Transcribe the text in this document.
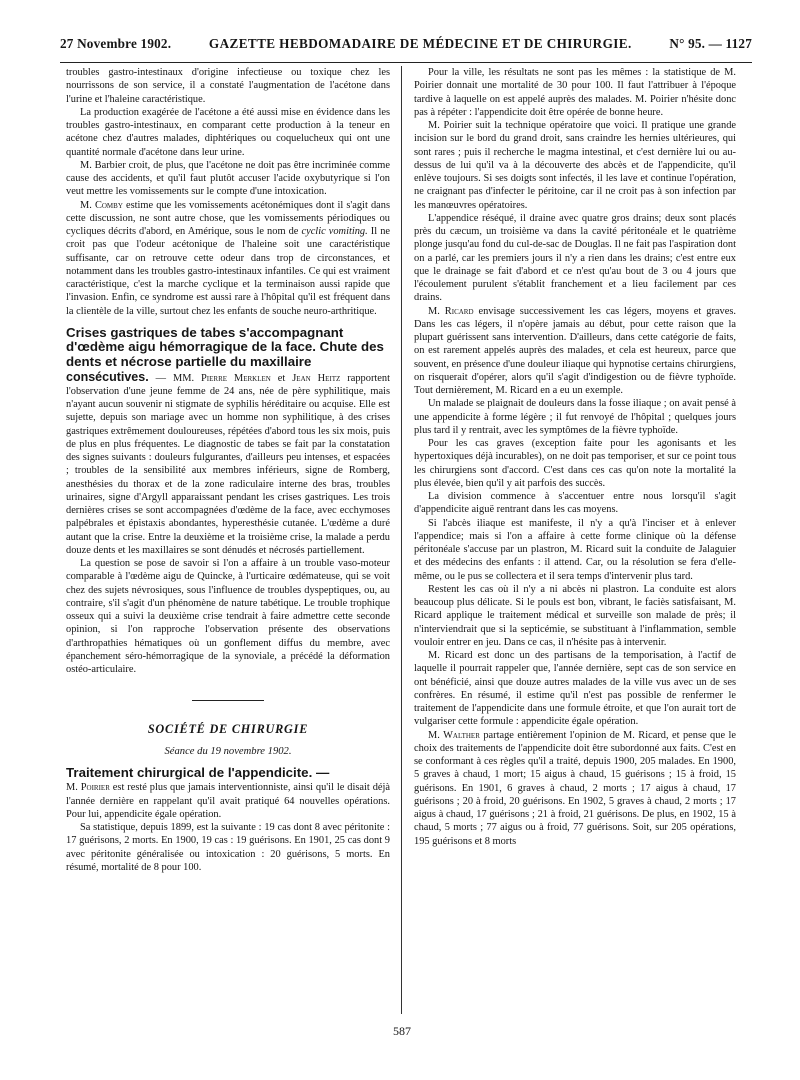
27 Novembre 1902.	GAZETTE HEBDOMADAIRE DE MÉDECINE ET DE CHIRURGIE.	N° 95. — 1127

troubles gastro-intestinaux d'origine infectieuse ou toxique chez les nourrissons de son service, il a constaté l'augmentation de l'acétone dans l'urine et l'haleine caractéristique.

La production exagérée de l'acétone a été aussi mise en évidence dans les troubles gastro-intestinaux, en comparant cette production à la teneur en acétone chez d'autres malades, diphtériques ou coquelucheux qui ont une quantité normale d'acétone dans leur urine.

M. Barbier croit, de plus, que l'acétone ne doit pas être incriminée comme cause des accidents, et qu'il faut plutôt accuser l'acide oxybutyrique si l'on veut mettre les vomissements sur le compte d'une intoxication.

M. Comby estime que les vomissements acétonémiques dont il s'agit dans cette discussion, ne sont autre chose, que les vomissements périodiques ou cycliques décrits d'abord, en Amérique, sous le nom de cyclic vomiting. Il ne croit pas que l'odeur acétonique de l'haleine soit une caractéristique suffisante, car on retrouve cette odeur dans trop de circonstances, et notamment dans les troubles gastro-intestinaux infantiles. Ce qui est vraiment caractéristique, c'est la marche cyclique et la terminaison aussi rapide que l'invasion. Enfin, ce syndrome est aussi rare à l'hôpital qu'il est fréquent dans la clientèle de la ville, surtout chez les enfants de souche neuro-arthritique.

Crises gastriques de tabes s'accompagnant d'œdème aigu hémorragique de la face. Chute des dents et nécrose partielle du maxillaire

consécutives. — MM. Pierre Merklen et Jean Heitz rapportent l'observation d'une jeune femme de 24 ans, née de père syphilitique, mais n'ayant aucun souvenir ni stigmate de syphilis héréditaire ou acquise. Elle est sujette, depuis son mariage avec un homme non syphilitique, à des crises gastriques extrêmement douloureuses, répétées d'abord tous les six mois, puis de plus en plus fréquentes. Le diagnostic de tabes se fait par la constatation des signes suivants : douleurs fulgurantes, d'ailleurs peu intenses, et espacées ; troubles de la sensibilité aux membres inférieurs, signe de Romberg, anesthésies du thorax et de la zone radiculaire interne des bras, troubles urinaires, signe d'Argyll apparaissant pendant les crises gastriques. Les trois dernières crises se sont accompagnées d'œdème de la face, avec ecchymoses palpébrales et épistaxis abondantes, hyperesthésie cutanée. L'œdème a duré autant que la crise. Entre la deuxième et la troisième crise, la malade a perdu douze dents et les maxillaires se sont dénudés et nécrosés partiellement.

La question se pose de savoir si l'on a affaire à un trouble vaso-moteur comparable à l'œdème aigu de Quincke, à l'urticaire œdémateuse, qui se voit chez des sujets névrosiques, sous l'influence de troubles dyspeptiques, ou, au contraire, s'il s'agit d'un phénomène de nature tabétique. Le trouble trophique osseux qui a suivi la deuxième crise tendrait à faire admettre cette seconde opinion, si l'on rapproche l'observation présente des observations d'arthropathies hématiques où un gonflement diffus du membre, avec épanchement séro-hémorragique de la synoviale, a précédé la déformation ostéo-articulaire.

SOCIÉTÉ DE CHIRURGIE
Séance du 19 novembre 1902.
Traitement chirurgical de l'appendicite. —

M. Poirier est resté plus que jamais interventionniste, ainsi qu'il le disait déjà l'année dernière en rappelant qu'il avait pratiqué 64 nouvelles opérations. Pour lui, appendicite égale opération.

Sa statistique, depuis 1899, est la suivante : 19 cas dont 8 avec péritonite : 17 guérisons, 2 morts. En 1900, 19 cas : 19 guérisons. En 1901, 25 cas dont 9 avec péritonite généralisée ou intoxication : 20 guérisons, 5 morts. En résumé, mortalité de 8 pour 100.

Pour la ville, les résultats ne sont pas les mêmes : la statistique de M. Poirier donnait une mortalité de 30 pour 100. Il faut l'attribuer à l'époque tardive à laquelle on est appelé auprès des malades. M. Poirier n'hésite donc pas à répéter : l'appendicite doit être opérée de bonne heure.

M. Poirier suit la technique opératoire que voici. Il pratique une grande incision sur le bord du grand droit, sans craindre les hernies ultérieures, qui sont rares ; puis il recherche le magma intestinal, et c'est dernière lui ou au-dessus de lui qu'il va à la découverte des abcès et de l'appendicite, qu'il enlève toujours. Si ses doigts sont infectés, il les lave et continue l'opération, ne craignant pas d'infecter le péritoine, car il ne croit pas à son infection par les manœuvres opératoires.

L'appendice réséqué, il draine avec quatre gros drains; deux sont placés près du cæcum, un troisième va dans la cavité péritonéale et le quatrième plonge jusqu'au fond du cul-de-sac de Douglas. Il ne fait pas l'aspiration dont on a parlé, car les premiers jours il n'y a rien dans les drains; c'est entre eux que le drainage se fait d'abord et ce n'est qu'au bout de 3 ou 4 jours que l'écoulement purulent s'établit franchement et a lieu facilement par ces drains.

M. Ricard envisage successivement les cas légers, moyens et graves. Dans les cas légers, il n'opère jamais au début, pour cette raison que la plupart guérissent sans intervention. D'ailleurs, dans cette catégorie de faits, on est rarement appelés auprès des malades, et cela est heureux, parce que souvent, en présence d'une douleur iliaque qui hypnotise certains chirurgiens, on risquerait d'opérer, alors qu'il s'agit d'indigestion ou de fièvre typhoïde. Tout dernièrement, M. Ricard en a eu un exemple.

Un malade se plaignait de douleurs dans la fosse iliaque ; on avait pensé à une appendicite à forme légère ; il fut renvoyé de l'hôpital ; quelques jours plus tard il y rentrait, avec les symptômes de la fièvre typhoïde.

Pour les cas graves (exception faite pour les agonisants et les hypertoxiques déjà incurables), on ne doit pas temporiser, et sur ce point tous les chirurgiens sont d'accord. C'est dans ces cas qu'on note la mortalité la plus élevée, bien qu'il y ait parfois des succès.

La division commence à s'accentuer entre nous lorsqu'il s'agit d'appendicite aiguë rentrant dans les cas moyens.

Si l'abcès iliaque est manifeste, il n'y a qu'à l'inciser et à enlever l'appendice; mais si l'on a affaire à cette forme clinique où la défense péritonéale s'accuse par un plastron, M. Ricard suit la conduite de Jalaguier et des médecins des enfants : il attend. Car, ou la résolution se fera d'elle-même, ou le pus se collectera et il sera temps d'intervenir plus tard.

Restent les cas où il n'y a ni abcès ni plastron. La conduite est alors beaucoup plus délicate. Si le pouls est bon, vibrant, le faciès satisfaisant, M. Ricard applique le traitement médical et surveille son malade de près; il n'interviendrait que si la septicémie, se substituant à l'inflammation, semble vouloir entrer en jeu. Dans ce cas, il n'hésite pas à intervenir.

M. Ricard est donc un des partisans de la temporisation, à l'actif de laquelle il pourrait rappeler que, l'année dernière, sept cas de son service en ont bénéficié, ainsi que douze autres malades de la ville vus avec un de ses confrères. En résumé, il estime qu'il n'est pas possible de renfermer le traitement de l'appendicite dans une formule étroite, et que l'on aurait tort de vulgariser cette formule : appendicite égale opération.

M. Walther partage entièrement l'opinion de M. Ricard, et pense que le choix des traitements de l'appendicite doit être subordonné aux faits. C'est en se conformant à ces règles qu'il a traité, depuis 1900, 205 malades. En 1900, 5 graves à chaud, 1 mort; 15 aigus à chaud, 15 guérisons ; 15 à froid, 15 guérisons. En 1901, 6 graves à chaud, 2 morts ; 17 aigus à chaud, 17 guérisons ; 20 à froid, 20 guérisons. En 1902, 5 graves à chaud, 2 morts ; 17 aigus à chaud, 17 guérisons ; 21 à froid, 21 guérisons. De plus, en 1902, 15 à chaud, 5 morts ; 77 aigus ou à froid, 77 guérisons. Soit, sur 205 opérations, 195 guérisons et 8 morts

587
